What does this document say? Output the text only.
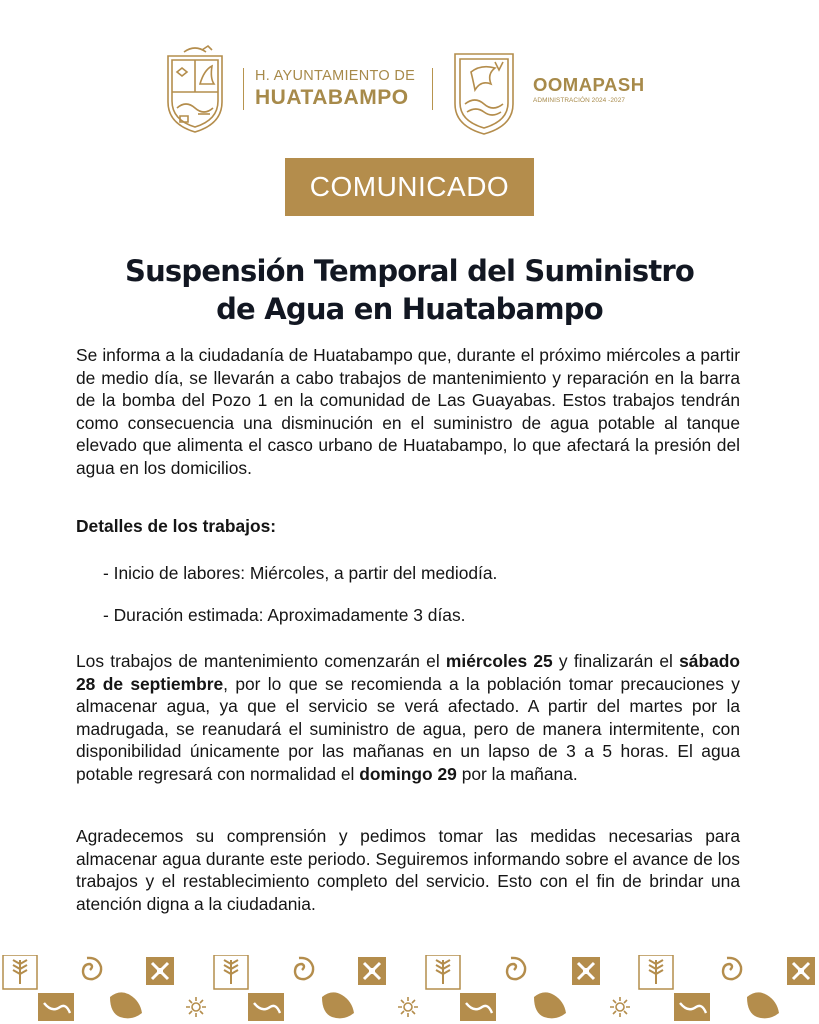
H. AYUNTAMIENTO DE
HUATABAMPO
OOMAPASH
ADMINISTRACIÓN 2024 -2027
COMUNICADO
Suspensión Temporal del Suministro
de Agua en Huatabampo
Se informa a la ciudadanía de Huatabampo que, durante el próximo miércoles a partir de medio día, se llevarán a cabo trabajos de mantenimiento y reparación en la barra de la bomba del Pozo 1 en la comunidad de Las Guayabas. Estos trabajos tendrán como consecuencia una disminución en el suministro de agua potable al tanque elevado que alimenta el casco urbano de Huatabampo, lo que afectará la presión del agua en los domicilios.
Detalles de los trabajos:
- Inicio de labores: Miércoles, a partir del mediodía.
- Duración estimada: Aproximadamente 3 días.
Los trabajos de mantenimiento comenzarán el miércoles 25 y finalizarán el sábado 28 de septiembre, por lo que se recomienda a la población tomar precauciones y almacenar agua, ya que el servicio se verá afectado. A partir del martes por la madrugada, se reanudará el suministro de agua, pero de manera intermitente, con disponibilidad únicamente por las mañanas en un lapso de 3 a 5 horas. El agua potable regresará con normalidad el domingo 29 por la mañana.
Agradecemos su comprensión y pedimos tomar las medidas necesarias para almacenar agua durante este periodo. Seguiremos informando sobre el avance de los trabajos y el restablecimiento completo del servicio. Esto con el fin de brindar una atención digna a la ciudadania.
